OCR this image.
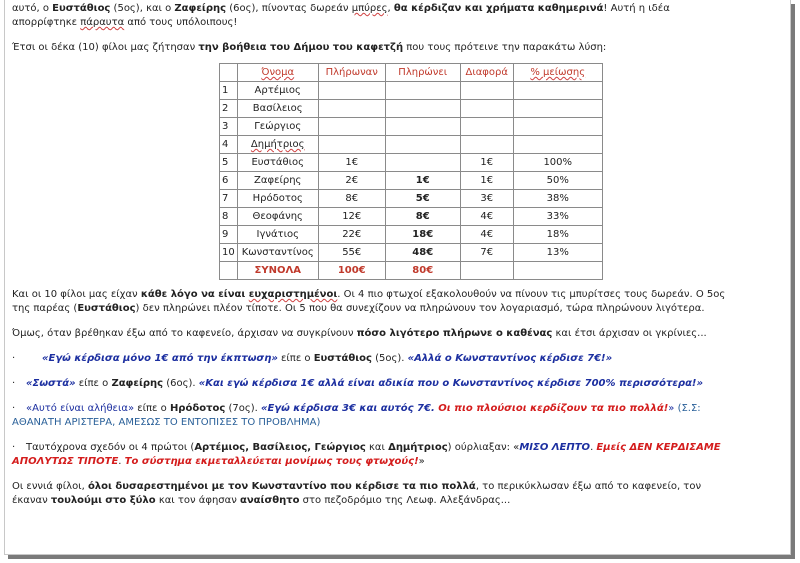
αυτό, ο Ευστάθιος (5ος), και ο Ζαφείρης (6ος), πίνοντας δωρεάν μπύρες, θα κέρδιζαν και χρήματα καθημερινά! Αυτή η ιδέα
απορρίφτηκε πάραυτα από τους υπόλοιπους!

Έτσι οι δέκα (10) φίλοι μας ζήτησαν την βοήθεια του Δήμου του καφετζή που τους πρότεινε την παρακάτω λύση:

	Όνομα	Πλήρωναν	Πληρώνει	Διαφορά	% μείωσης
1	Αρτέμιος				
2	Βασίλειος				
3	Γεώργιος				
4	Δημήτριος				
5	Ευστάθιος	1€		1€	100%
6	Ζαφείρης	2€	1€	1€	50%
7	Ηρόδοτος	8€	5€	3€	38%
8	Θεοφάνης	12€	8€	4€	33%
9	Ιγνάτιος	22€	18€	4€	18%
10	Κωνσταντίνος	55€	48€	7€	13%
	ΣΥΝΟΛΑ	100€	80€		

Και οι 10 φίλοι μας είχαν κάθε λόγο να είναι ευχαριστημένοι. Οι 4 πιο φτωχοί εξακολουθούν να πίνουν τις μπυρίτσες τους δωρεάν. Ο 5ος
της παρέας (Ευστάθιος) δεν πληρώνει πλέον τίποτε. Οι 5 που θα συνεχίζουν να πληρώνουν τον λογαριασμό, τώρα πληρώνουν λιγότερα.

Όμως, όταν βρέθηκαν έξω από το καφενείο, άρχισαν να συγκρίνουν πόσο λιγότερο πλήρωνε ο καθένας και έτσι άρχισαν οι γκρίνιες...

·	«Εγώ κέρδισα μόνο 1€ από την έκπτωση» είπε ο Ευστάθιος (5ος). «Αλλά ο Κωνσταντίνος κέρδισε 7€!»

· «Σωστά» είπε ο Ζαφείρης (6ος). «Και εγώ κέρδισα 1€ αλλά είναι αδικία που ο Κωνσταντίνος κέρδισε 700% περισσότερα!»

· «Αυτό είναι αλήθεια» είπε ο Ηρόδοτος (7ος). «Εγώ κέρδισα 3€ και αυτός 7€. Οι πιο πλούσιοι κερδίζουν τα πιο πολλά!» (Σ.Σ:
ΑΘΑΝΑΤΗ ΑΡΙΣΤΕΡΑ, ΑΜΕΣΩΣ ΤΟ ΕΝΤΟΠΙΣΕΣ ΤΟ ΠΡΟΒΛΗΜΑ)

· Ταυτόχρονα σχεδόν οι 4 πρώτοι (Αρτέμιος, Βασίλειος, Γεώργιος και Δημήτριος) ούρλιαξαν: «ΜΙΣΟ ΛΕΠΤΟ. Εμείς ΔΕΝ ΚΕΡΔΙΣΑΜΕ
ΑΠΟΛΥΤΩΣ ΤΙΠΟΤΕ. Το σύστημα εκμεταλλεύεται μονίμως τους φτωχούς!»

Οι εννιά φίλοι, όλοι δυσαρεστημένοι με τον Κωνσταντίνο που κέρδισε τα πιο πολλά, το περικύκλωσαν έξω από το καφενείο, τον
έκαναν τουλούμι στο ξύλο και τον άφησαν αναίσθητο στο πεζοδρόμιο της Λεωφ. Αλεξάνδρας...
